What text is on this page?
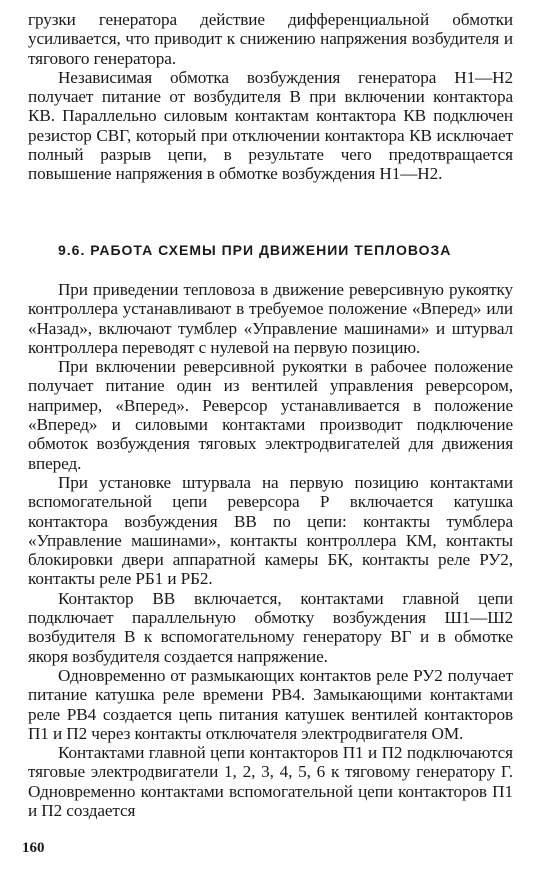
грузки генератора действие дифференциальной обмотки усиливается, что приводит к снижению напряжения возбудителя и тягового генератора.

Независимая обмотка возбуждения генератора Н1—Н2 получает питание от возбудителя В при включении контактора КВ. Параллельно силовым контактам контактора КВ подключен резистор СВГ, который при отключении контактора КВ исключает полный разрыв цепи, в результате чего предотвращается повышение напряжения в обмотке возбуждения Н1—Н2.

9.6. РАБОТА СХЕМЫ ПРИ ДВИЖЕНИИ ТЕПЛОВОЗА

При приведении тепловоза в движение реверсивную рукоятку контроллера устанавливают в требуемое положение «Вперед» или «Назад», включают тумблер «Управление машинами» и штурвал контроллера переводят с нулевой на первую позицию.

При включении реверсивной рукоятки в рабочее положение получает питание один из вентилей управления реверсором, например, «Вперед». Реверсор устанавливается в положение «Вперед» и силовыми контактами производит подключение обмоток возбуждения тяговых электродвигателей для движения вперед.

При установке штурвала на первую позицию контактами вспомогательной цепи реверсора Р включается катушка контактора возбуждения ВВ по цепи: контакты тумблера «Управление машинами», контакты контроллера КМ, контакты блокировки двери аппаратной камеры БК, контакты реле РУ2, контакты реле РБ1 и РБ2.

Контактор ВВ включается, контактами главной цепи подключает параллельную обмотку возбуждения Ш1—Ш2 возбудителя В к вспомогательному генератору ВГ и в обмотке якоря возбудителя создается напряжение.

Одновременно от размыкающих контактов реле РУ2 получает питание катушка реле времени РВ4. Замыкающими контактами реле РВ4 создается цепь питания катушек вентилей контакторов П1 и П2 через контакты отключателя электродвигателя ОМ.

Контактами главной цепи контакторов П1 и П2 подключаются тяговые электродвигатели 1, 2, 3, 4, 5, 6 к тяговому генератору Г. Одновременно контактами вспомогательной цепи контакторов П1 и П2 создается

160
